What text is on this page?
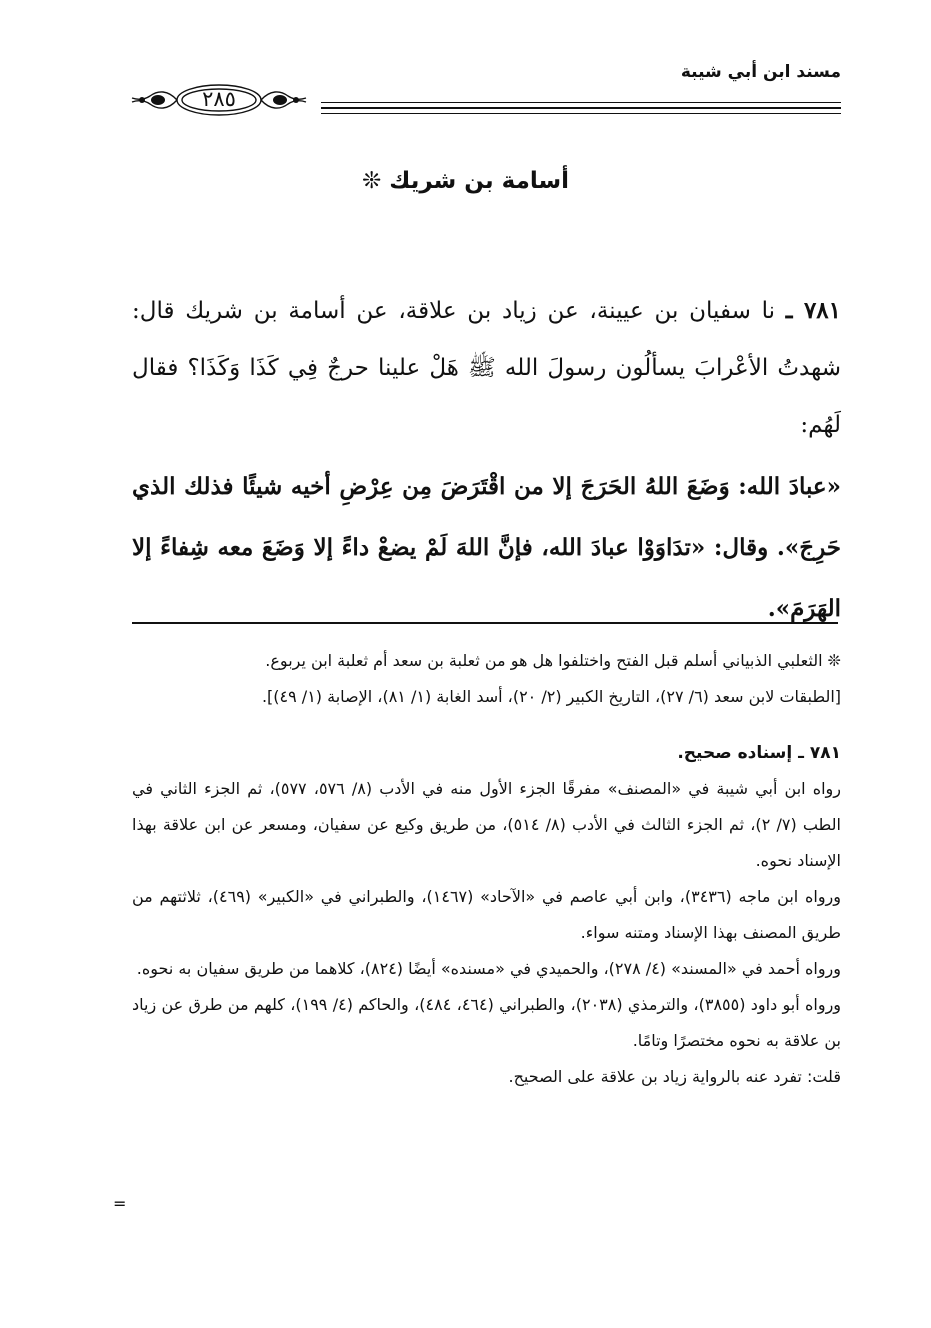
مسند ابن أبي شيبة
٢٨٥
أسامة بن شريك ❊

٧٨١ ـ نا سفيان بن عيينة، عن زياد بن علاقة، عن أسامة بن شريك قال: شهدتُ الأعْرابَ يسألُون رسولَ الله ﷺ هَلْ علينا حرجٌ فِي كَذَا وَكَذَا؟ فقال لَهُم:

«عبادَ الله: وَضَعَ اللهُ الحَرَجَ إلا من اقْتَرَضَ مِن عِرْضِ أخيه شيئًا فذلك الذي حَرِجَ». وقال: «تدَاوَوْا عبادَ الله، فإنَّ اللهَ لَمْ يضعْ داءً إلا وَضَعَ معه شِفاءً إلا الهَرَمَ».

❊ الثعلبي الذبياني أسلم قبل الفتح واختلفوا هل هو من ثعلبة بن سعد أم ثعلبة ابن يربوع.

[الطبقات لابن سعد (٦/ ٢٧)، التاريخ الكبير (٢/ ٢٠)، أسد الغابة (١/ ٨١)، الإصابة (١/ ٤٩)].

٧٨١ ـ إسناده صحيح.

رواه ابن أبي شيبة في «المصنف» مفرقًا الجزء الأول منه في الأدب (٨/ ٥٧٦، ٥٧٧)، ثم الجزء الثاني في الطب (٧/ ٢)، ثم الجزء الثالث في الأدب (٨/ ٥١٤)، من طريق وكيع عن سفيان، ومسعر عن ابن علاقة بهذا الإسناد نحوه.

ورواه ابن ماجه (٣٤٣٦)، وابن أبي عاصم في «الآحاد» (١٤٦٧)، والطبراني في «الكبير» (٤٦٩)، ثلاثتهم من طريق المصنف بهذا الإسناد ومتنه سواء.

ورواه أحمد في «المسند» (٤/ ٢٧٨)، والحميدي في «مسنده» أيضًا (٨٢٤)، كلاهما من طريق سفيان به نحوه.

ورواه أبو داود (٣٨٥٥)، والترمذي (٢٠٣٨)، والطبراني (٤٦٤، ٤٨٤)، والحاكم (٤/ ١٩٩)، كلهم من طرق عن زياد بن علاقة به نحوه مختصرًا وتامًا.

قلت: تفرد عنه بالرواية زياد بن علاقة على الصحيح.

=
